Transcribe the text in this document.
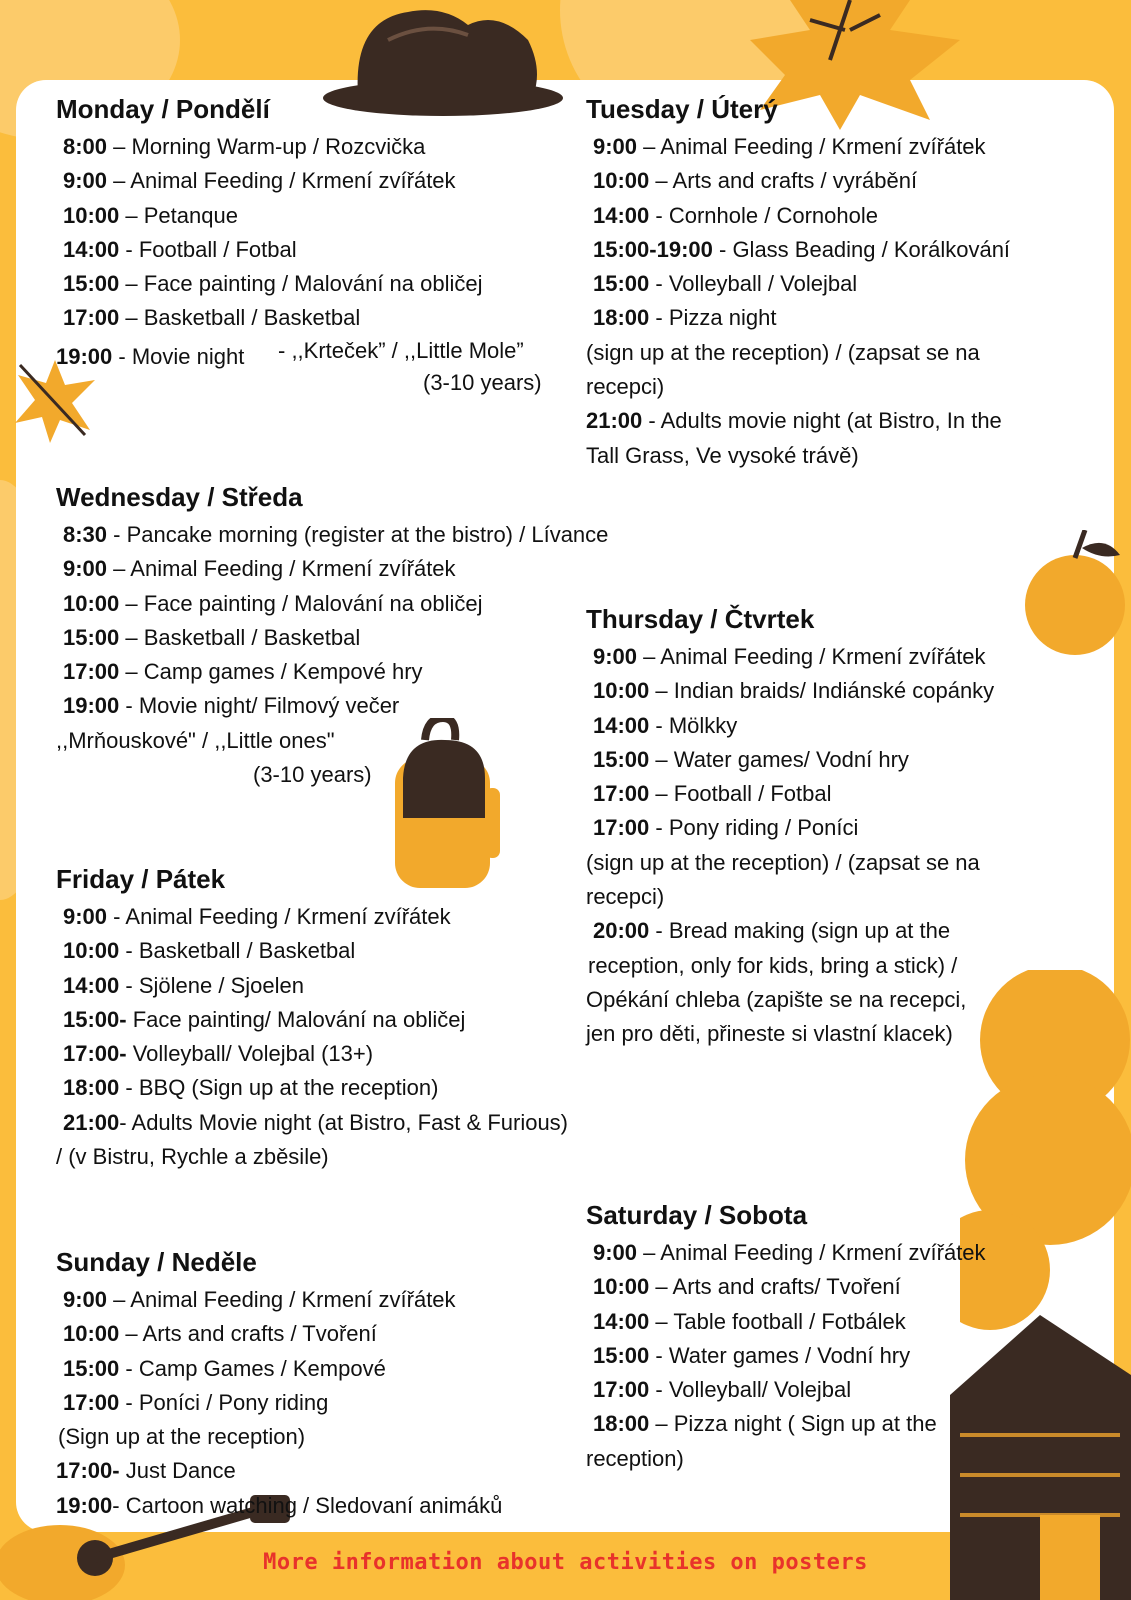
Monday / Pondělí
8:00 – Morning Warm-up / Rozcvička
9:00 – Animal Feeding / Krmení zvířátek
10:00 – Petanque
14:00 - Football / Fotbal
15:00 – Face painting / Malování na obličej
17:00 – Basketball / Basketbal
19:00 - Movie night - ,,Krteček” / ,,Little Mole”
(3-10 years)
Tuesday / Úterý
9:00 – Animal Feeding / Krmení zvířátek
10:00 – Arts and crafts / vyrábění
14:00 - Cornhole / Cornohole
15:00-19:00 - Glass Beading / Korálkování
15:00 - Volleyball / Volejbal
18:00 - Pizza night
(sign up at the reception) / (zapsat se na
recepci)
21:00 - Adults movie night (at Bistro, In the
Tall Grass, Ve vysoké trávě)
Wednesday / Středa
8:30 - Pancake morning (register at the bistro) / Lívance
9:00 – Animal Feeding / Krmení zvířátek
10:00 – Face painting / Malování na obličej
15:00 – Basketball / Basketbal
17:00 – Camp games / Kempové hry
19:00 - Movie night/ Filmový večer
,,Mrňouskové" / ,,Little ones"
(3-10 years)
Thursday / Čtvrtek
9:00 – Animal Feeding / Krmení zvířátek
10:00 – Indian braids/ Indiánské copánky
14:00 - Mölkky
15:00 – Water games/ Vodní hry
17:00 – Football / Fotbal
17:00 - Pony riding / Poníci
(sign up at the reception) / (zapsat se na
recepci)
20:00 - Bread making (sign up at the
reception, only for kids, bring a stick) /
Opékání chleba (zapište se na recepci,
jen pro děti, přineste si vlastní klacek)
Friday / Pátek
9:00 - Animal Feeding / Krmení zvířátek
10:00 - Basketball / Basketbal
14:00 - Sjölene / Sjoelen
15:00- Face painting/ Malování na obličej
17:00- Volleyball/ Volejbal (13+)
18:00 - BBQ (Sign up at the reception)
21:00- Adults Movie night (at Bistro, Fast & Furious)
/ (v Bistru, Rychle a zběsile)
Saturday / Sobota
9:00 – Animal Feeding / Krmení zvířátek
10:00 – Arts and crafts/ Tvoření
14:00 – Table football / Fotbálek
15:00 - Water games / Vodní hry
17:00 - Volleyball/ Volejbal
18:00 – Pizza night ( Sign up at the
reception)
Sunday / Neděle
9:00 – Animal Feeding / Krmení zvířátek
10:00 – Arts and crafts / Tvoření
15:00 - Camp Games / Kempové
17:00 - Poníci / Pony riding
(Sign up at the reception)
17:00- Just Dance
19:00- Cartoon watching / Sledovaní animáků
More information about activities on posters
